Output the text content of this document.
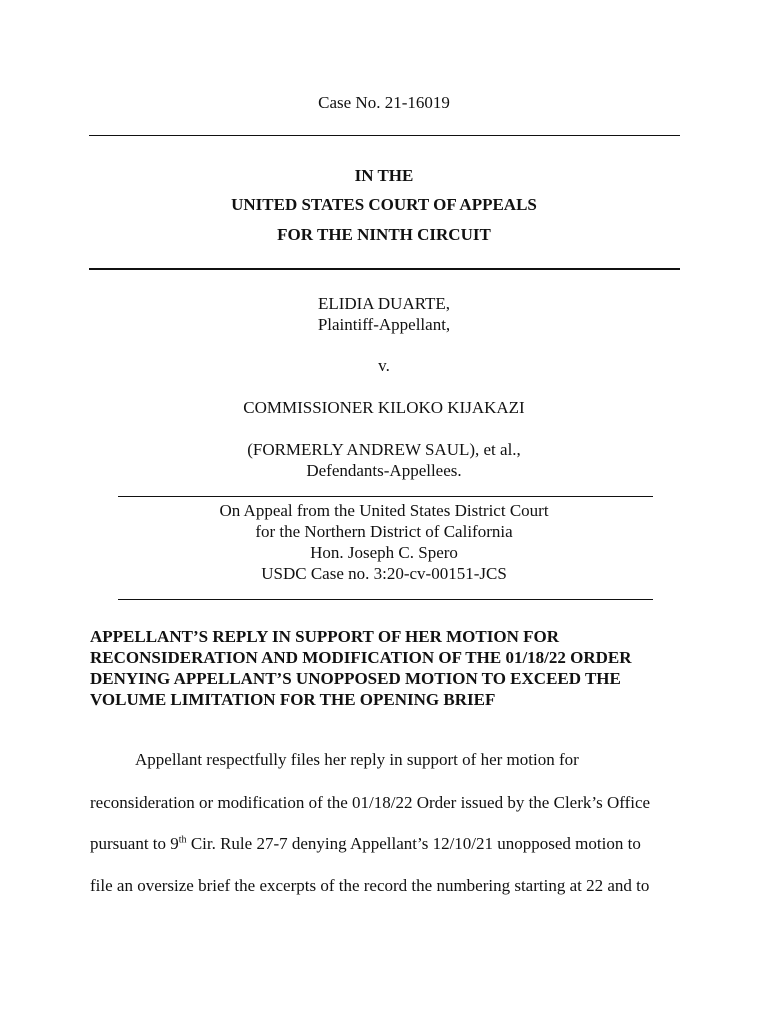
Case No. 21-16019
IN THE
UNITED STATES COURT OF APPEALS
FOR THE NINTH CIRCUIT
ELIDIA DUARTE,
Plaintiff-Appellant,
v.
COMMISSIONER KILOKO KIJAKAZI
(FORMERLY ANDREW SAUL), et al.,
Defendants-Appellees.
On Appeal from the United States District Court
for the Northern District of California
Hon. Joseph C. Spero
USDC Case no. 3:20-cv-00151-JCS
APPELLANT’S REPLY IN SUPPORT OF HER MOTION FOR
RECONSIDERATION AND MODIFICATION OF THE 01/18/22 ORDER
DENYING APPELLANT’S UNOPPOSED MOTION TO EXCEED THE
VOLUME LIMITATION FOR THE OPENING BRIEF
Appellant respectfully files her reply in support of her motion for
reconsideration or modification of the 01/18/22 Order issued by the Clerk’s Office
pursuant to 9th Cir. Rule 27-7 denying Appellant’s 12/10/21 unopposed motion to
file an oversize brief the excerpts of the record the numbering starting at 22 and to
